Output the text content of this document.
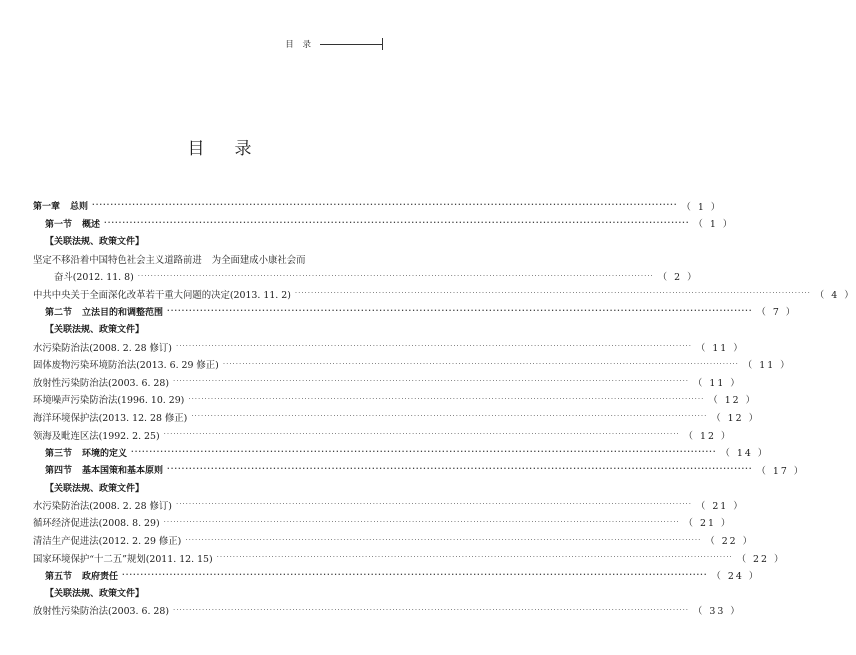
目 录
目录
第一章 总则 ································································································································································ （ 1 ）
第一节 概述 ································································································································································ （ 1 ）
【关联法规、政策文件】
坚定不移沿着中国特色社会主义道路前进 为全面建成小康社会而
奋斗(2012. 11. 8) ································································································································································ （ 2 ）
中共中央关于全面深化改革若干重大问题的决定(2013. 11. 2) ································································································································································ （ 4 ）
第二节 立法目的和调整范围 ································································································································································ （ 7 ）
【关联法规、政策文件】
水污染防治法(2008. 2. 28 修订) ································································································································································ （ 11 ）
固体废物污染环境防治法(2013. 6. 29 修正) ································································································································································ （ 11 ）
放射性污染防治法(2003. 6. 28) ································································································································································ （ 11 ）
环境噪声污染防治法(1996. 10. 29) ································································································································································ （ 12 ）
海洋环境保护法(2013. 12. 28 修正) ································································································································································ （ 12 ）
领海及毗连区法(1992. 2. 25) ································································································································································ （ 12 ）
第三节 环境的定义 ································································································································································ （ 14 ）
第四节 基本国策和基本原则 ································································································································································ （ 17 ）
【关联法规、政策文件】
水污染防治法(2008. 2. 28 修订) ································································································································································ （ 21 ）
循环经济促进法(2008. 8. 29) ································································································································································ （ 21 ）
清洁生产促进法(2012. 2. 29 修正) ································································································································································ （ 22 ）
国家环境保护“十二五”规划(2011. 12. 15) ································································································································································ （ 22 ）
第五节 政府责任 ································································································································································ （ 24 ）
【关联法规、政策文件】
放射性污染防治法(2003. 6. 28) ································································································································································ （ 33 ）
